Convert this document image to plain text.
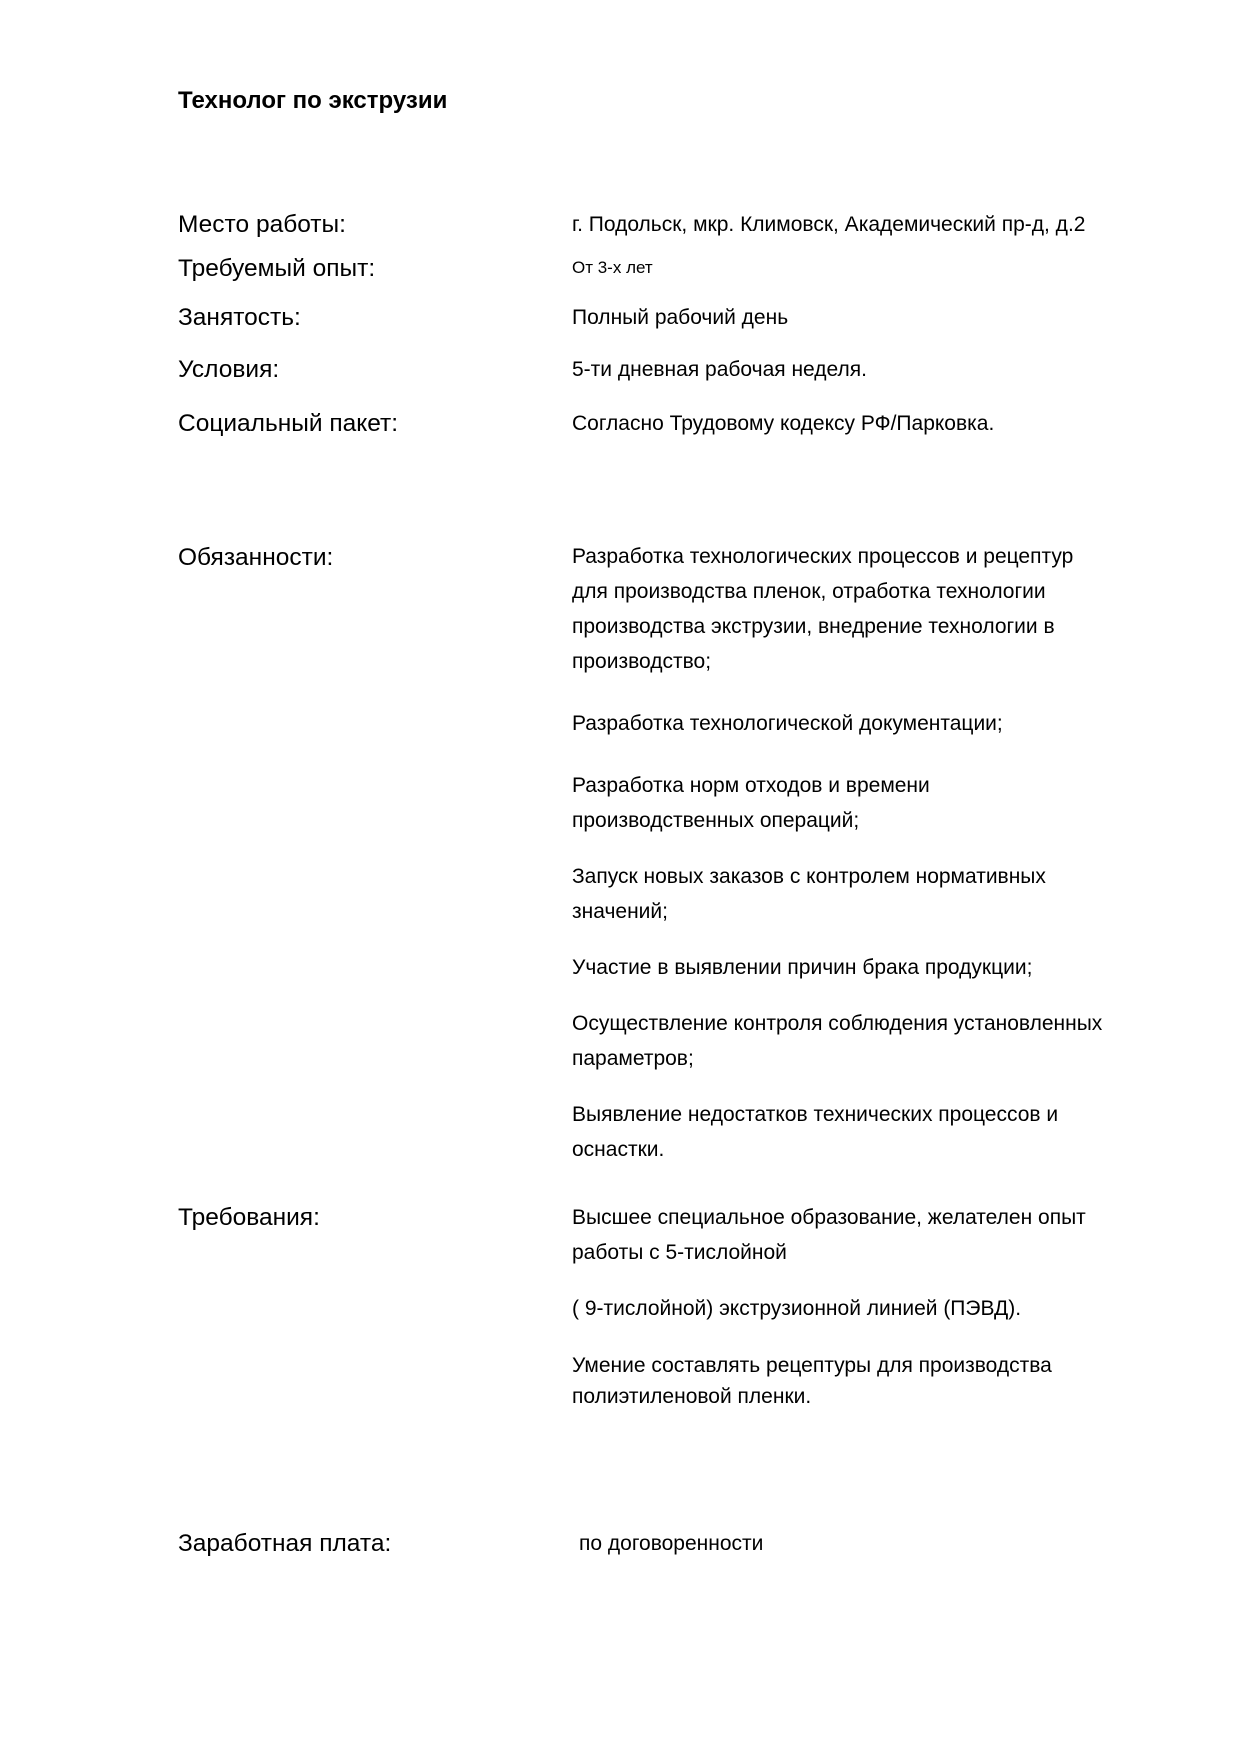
Технолог по экструзии
Место работы:	г. Подольск, мкр. Климовск, Академический пр-д, д.2
Требуемый опыт:	От 3-х лет
Занятость:	Полный рабочий день
Условия:	5-ти дневная рабочая неделя.
Социальный пакет:	Согласно Трудовому кодексу РФ/Парковка.
Обязанности:	Разработка технологических процессов и рецептур
для производства пленок, отработка технологии
производства экструзии, внедрение технологии в
производство;
Разработка технологической документации;
Разработка норм отходов и времени
производственных операций;
Запуск новых заказов с контролем нормативных
значений;
Участие в выявлении причин брака продукции;
Осуществление контроля соблюдения установленных
параметров;
Выявление недостатков технических процессов и
оснастки.
Требования:	Высшее специальное образование, желателен опыт
работы с 5-тислойной
( 9-тислойной) экструзионной линией (ПЭВД).
Умение составлять рецептуры для производства
полиэтиленовой пленки.
Заработная плата:	по договоренности
